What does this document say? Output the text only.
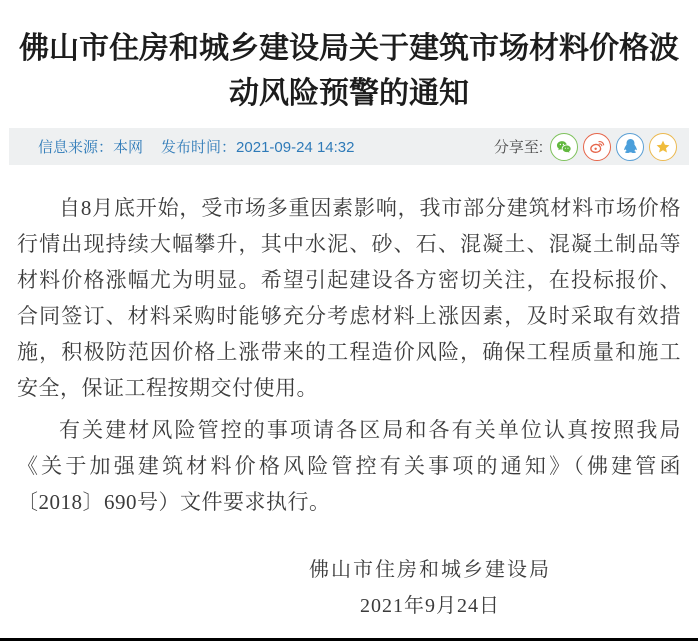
佛山市住房和城乡建设局关于建筑市场材料价格波动风险预警的通知
信息来源：本网 发布时间：2021-09-24 14:32	分享至:

自8月底开始，受市场多重因素影响，我市部分建筑材料市场价格行情出现持续大幅攀升，其中水泥、砂、石、混凝土、混凝土制品等材料价格涨幅尤为明显。希望引起建设各方密切关注，在投标报价、合同签订、材料采购时能够充分考虑材料上涨因素，及时采取有效措施，积极防范因价格上涨带来的工程造价风险，确保工程质量和施工安全，保证工程按期交付使用。

有关建材风险管控的事项请各区局和各有关单位认真按照我局《关于加强建筑材料价格风险管控有关事项的通知》（佛建管函〔2018〕690号）文件要求执行。

佛山市住房和城乡建设局

2021年9月24日
